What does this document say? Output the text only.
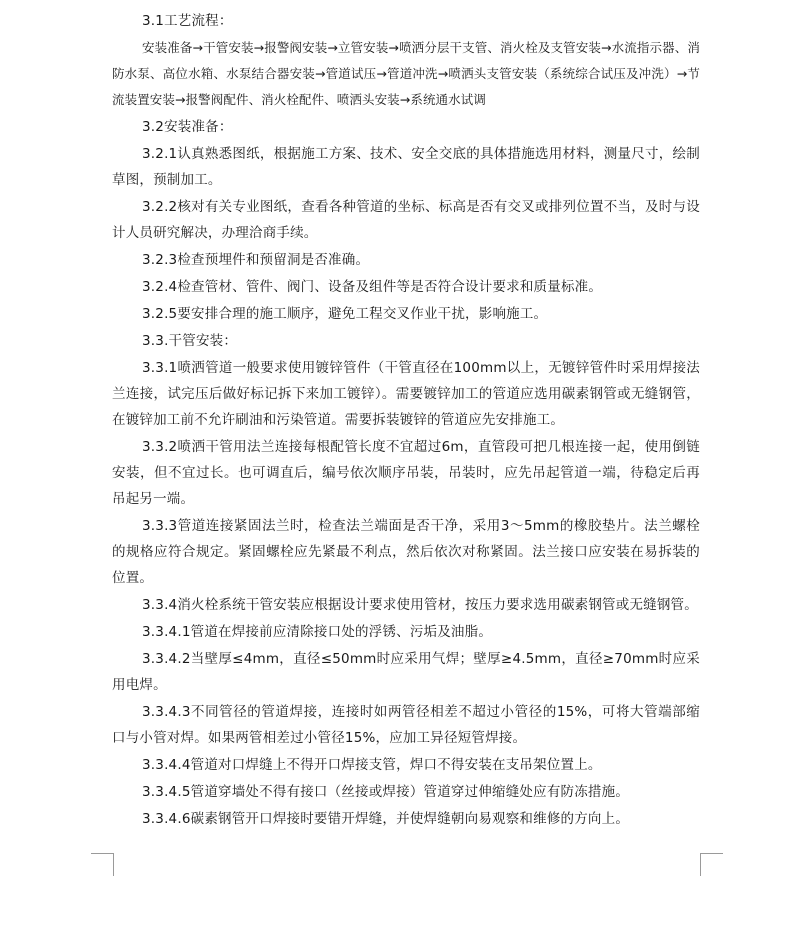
3.1工艺流程：

安装准备→干管安装→报警阀安装→立管安装→喷洒分层干支管、消火栓及支管安装→水流指示器、消防水泵、高位水箱、水泵结合器安装→管道试压→管道冲洗→喷洒头支管安装（系统综合试压及冲洗）→节流装置安装→报警阀配件、消火栓配件、喷洒头安装→系统通水试调

3.2安装准备：

3.2.1认真熟悉图纸，根据施工方案、技术、安全交底的具体措施选用材料，测量尺寸，绘制草图，预制加工。

3.2.2核对有关专业图纸，查看各种管道的坐标、标高是否有交叉或排列位置不当，及时与设计人员研究解决，办理洽商手续。

3.2.3检查预埋件和预留洞是否准确。

3.2.4检查管材、管件、阀门、设备及组件等是否符合设计要求和质量标准。

3.2.5要安排合理的施工顺序，避免工程交叉作业干扰，影响施工。

3.3.干管安装：

3.3.1喷洒管道一般要求使用镀锌管件（干管直径在100mm以上，无镀锌管件时采用焊接法兰连接，试完压后做好标记拆下来加工镀锌）。需要镀锌加工的管道应选用碳素钢管或无缝钢管，在镀锌加工前不允许刷油和污染管道。需要拆装镀锌的管道应先安排施工。

3.3.2喷洒干管用法兰连接每根配管长度不宜超过6m，直管段可把几根连接一起，使用倒链安装，但不宜过长。也可调直后，编号依次顺序吊装，吊装时，应先吊起管道一端，待稳定后再吊起另一端。

3.3.3管道连接紧固法兰时，检查法兰端面是否干净，采用3～5mm的橡胶垫片。法兰螺栓的规格应符合规定。紧固螺栓应先紧最不利点，然后依次对称紧固。法兰接口应安装在易拆装的位置。

3.3.4消火栓系统干管安装应根据设计要求使用管材，按压力要求选用碳素钢管或无缝钢管。

3.3.4.1管道在焊接前应清除接口处的浮锈、污垢及油脂。

3.3.4.2当壁厚≤4mm，直径≤50mm时应采用气焊；壁厚≥4.5mm，直径≥70mm时应采用电焊。

3.3.4.3不同管径的管道焊接，连接时如两管径相差不超过小管径的15%，可将大管端部缩口与小管对焊。如果两管相差过小管径15%，应加工异径短管焊接。

3.3.4.4管道对口焊缝上不得开口焊接支管，焊口不得安装在支吊架位置上。

3.3.4.5管道穿墙处不得有接口（丝接或焊接）管道穿过伸缩缝处应有防冻措施。

3.3.4.6碳素钢管开口焊接时要错开焊缝，并使焊缝朝向易观察和维修的方向上。
